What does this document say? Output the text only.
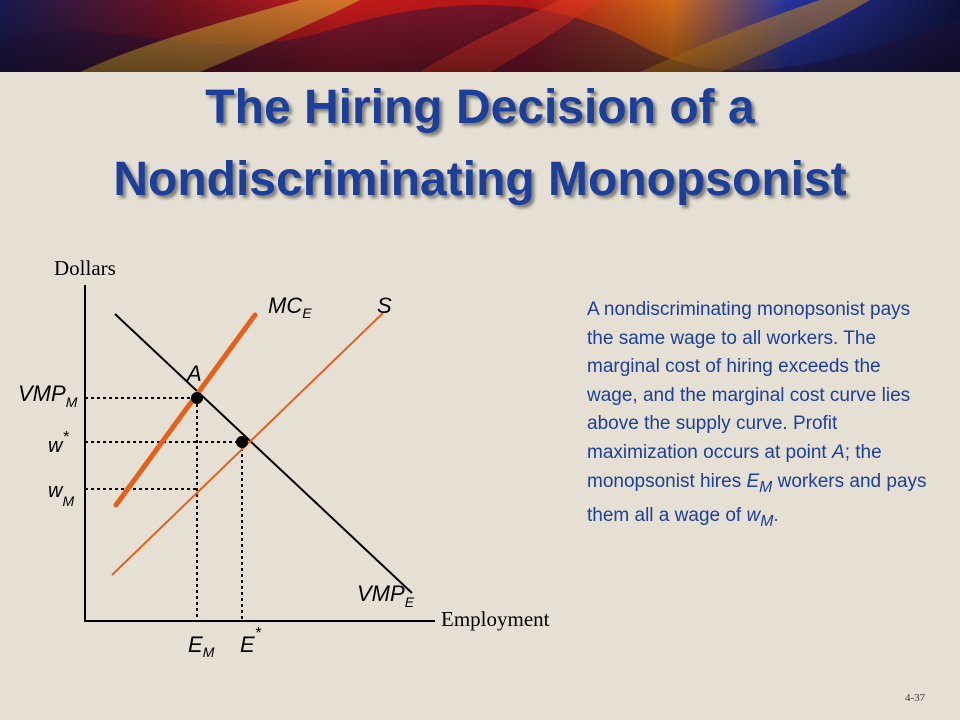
The Hiring Decision of a
Nondiscriminating Monopsonist
Dollars
Employment
$MC_E$	S
$VMP_E$
A
$VMP_M$
w*
$w_M$
$E_M$ E*
A nondiscriminating monopsonist pays the same wage to all workers. The marginal cost of hiring exceeds the wage, and the marginal cost curve lies above the supply curve. Profit maximization occurs at point A; the monopsonist hires $E_M$ workers and pays them all a wage of $w_M$.
4-37
